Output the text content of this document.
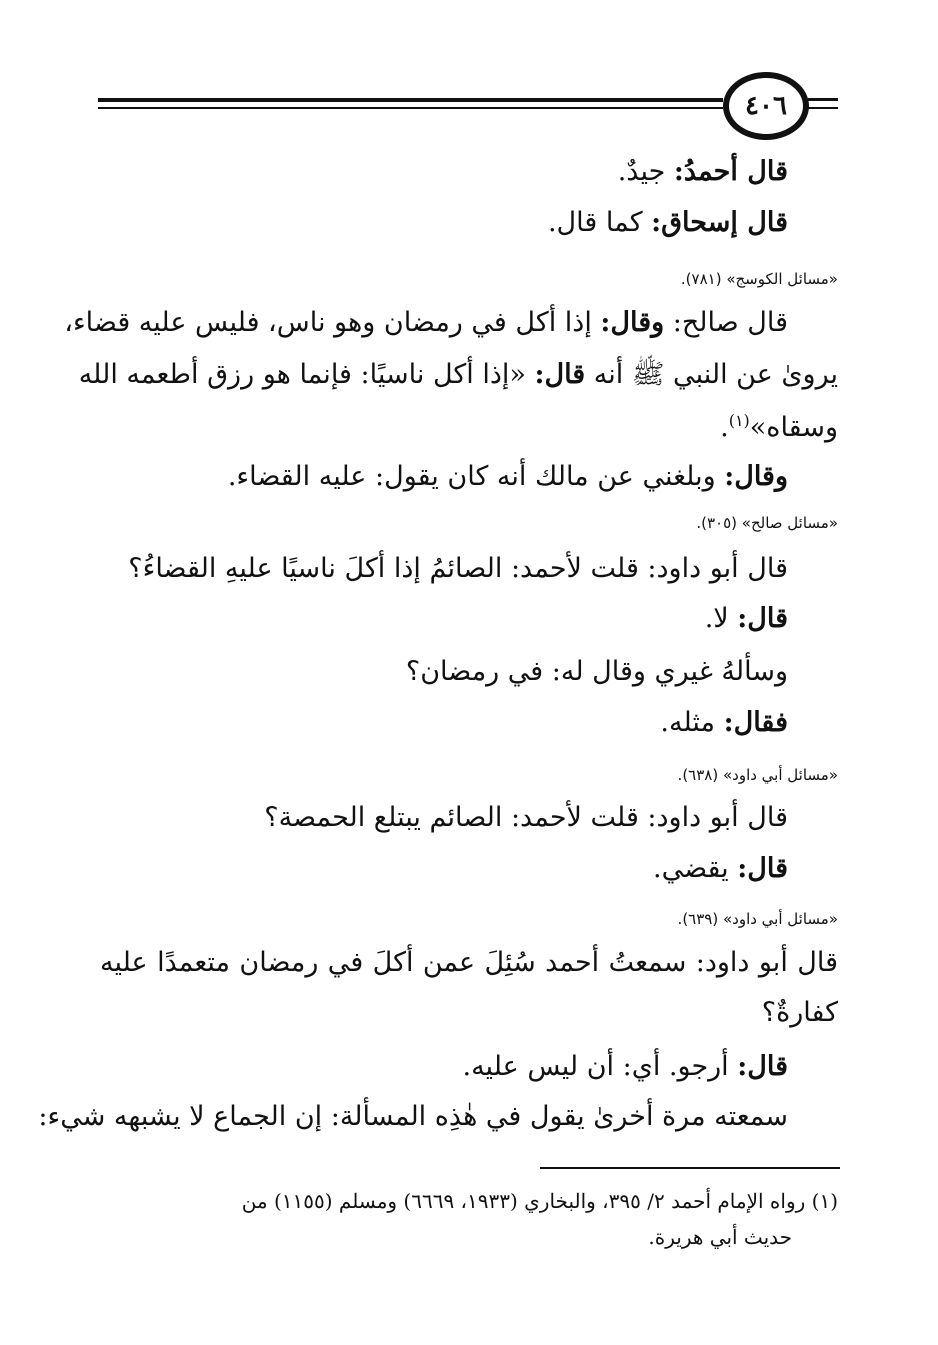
٤٠٦
قال أحمدُ: جيدٌ.
قال إسحاق: كما قال.
«مسائل الكوسج» (٧٨١).
قال صالح: وقال: إذا أكل في رمضان وهو ناس، فليس عليه قضاء،
يرویٰ عن النبي ﷺ أنه قال: «إذا أكل ناسيًا: فإنما هو رزق أطعمه الله
وسقاه»$^{(١)}$.
وقال: وبلغني عن مالك أنه كان يقول: عليه القضاء.
«مسائل صالح» (٣٠٥).
قال أبو داود: قلت لأحمد: الصائمُ إذا أكلَ ناسيًا عليهِ القضاءُ؟
قال: لا.
وسألهُ غيري وقال له: في رمضان؟
فقال: مثله.
«مسائل أبي داود» (٦٣٨).
قال أبو داود: قلت لأحمد: الصائم يبتلع الحمصة؟
قال: يقضي.
«مسائل أبي داود» (٦٣٩).
قال أبو داود: سمعتُ أحمد سُئِلَ عمن أكلَ في رمضان متعمدًا عليه
كفارةٌ؟
قال: أرجو. أي: أن ليس عليه.
سمعته مرة أخرىٰ يقول في هٰذِه المسألة: إن الجماع لا يشبهه شيء:
(١) رواه الإمام أحمد ٢/ ٣٩٥، والبخاري (١٩٣٣، ٦٦٦٩) ومسلم (١١٥٥) من
حديث أبي هريرة.
